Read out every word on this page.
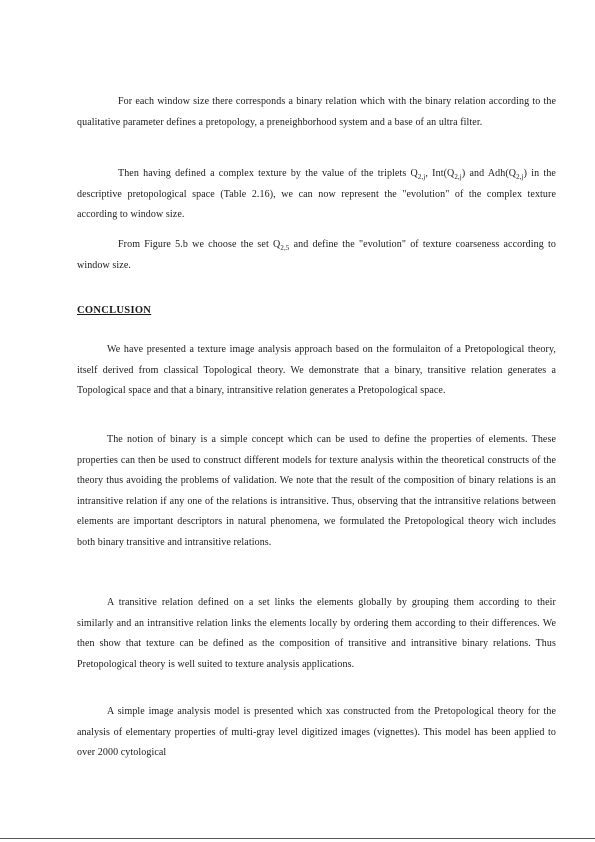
For each window size there corresponds a binary relation which with the binary relation according to the qualitative parameter defines a pretopology, a preneighborhood system and a base of an ultra filter.

Then having defined a complex texture by the value of the triplets $Q_{2,j}$, $Int(Q_{2,j})$ and $Adh(Q_{2,j})$ in the descriptive pretopological space (Table 2.16), we can now represent the "evolution" of the complex texture according to window size.

From Figure 5.b we choose the set $Q_{2,5}$ and define the "evolution" of texture coarseness according to window size.

CONCLUSION

We have presented a texture image analysis approach based on the formulaiton of a Pretopological theory, itself derived from classical Topological theory. We demonstrate that a binary, transitive relation generates a Topological space and that a binary, intransitive relation generates a Pretopological space.

The notion of binary is a simple concept which can be used to define the properties of elements. These properties can then be used to construct different models for texture analysis within the theoretical constructs of the theory thus avoiding the problems of validation. We note that the result of the composition of binary relations is an intransitive relation if any one of the relations is intransitive. Thus, observing that the intransitive relations between elements are important descriptors in natural phenomena, we formulated the Pretopological theory wich includes both binary transitive and intransitive relations.

A transitive relation defined on a set links the elements globally by grouping them according to their similarly and an intransitive relation links the elements locally by ordering them according to their differences. We then show that texture can be defined as the composition of transitive and intransitive binary relations. Thus Pretopological theory is well suited to texture analysis applications.

A simple image analysis model is presented which xas constructed from the Pretopological theory for the analysis of elementary properties of multi-gray level digitized images (vignettes). This model has been applied to over 2000 cytological
